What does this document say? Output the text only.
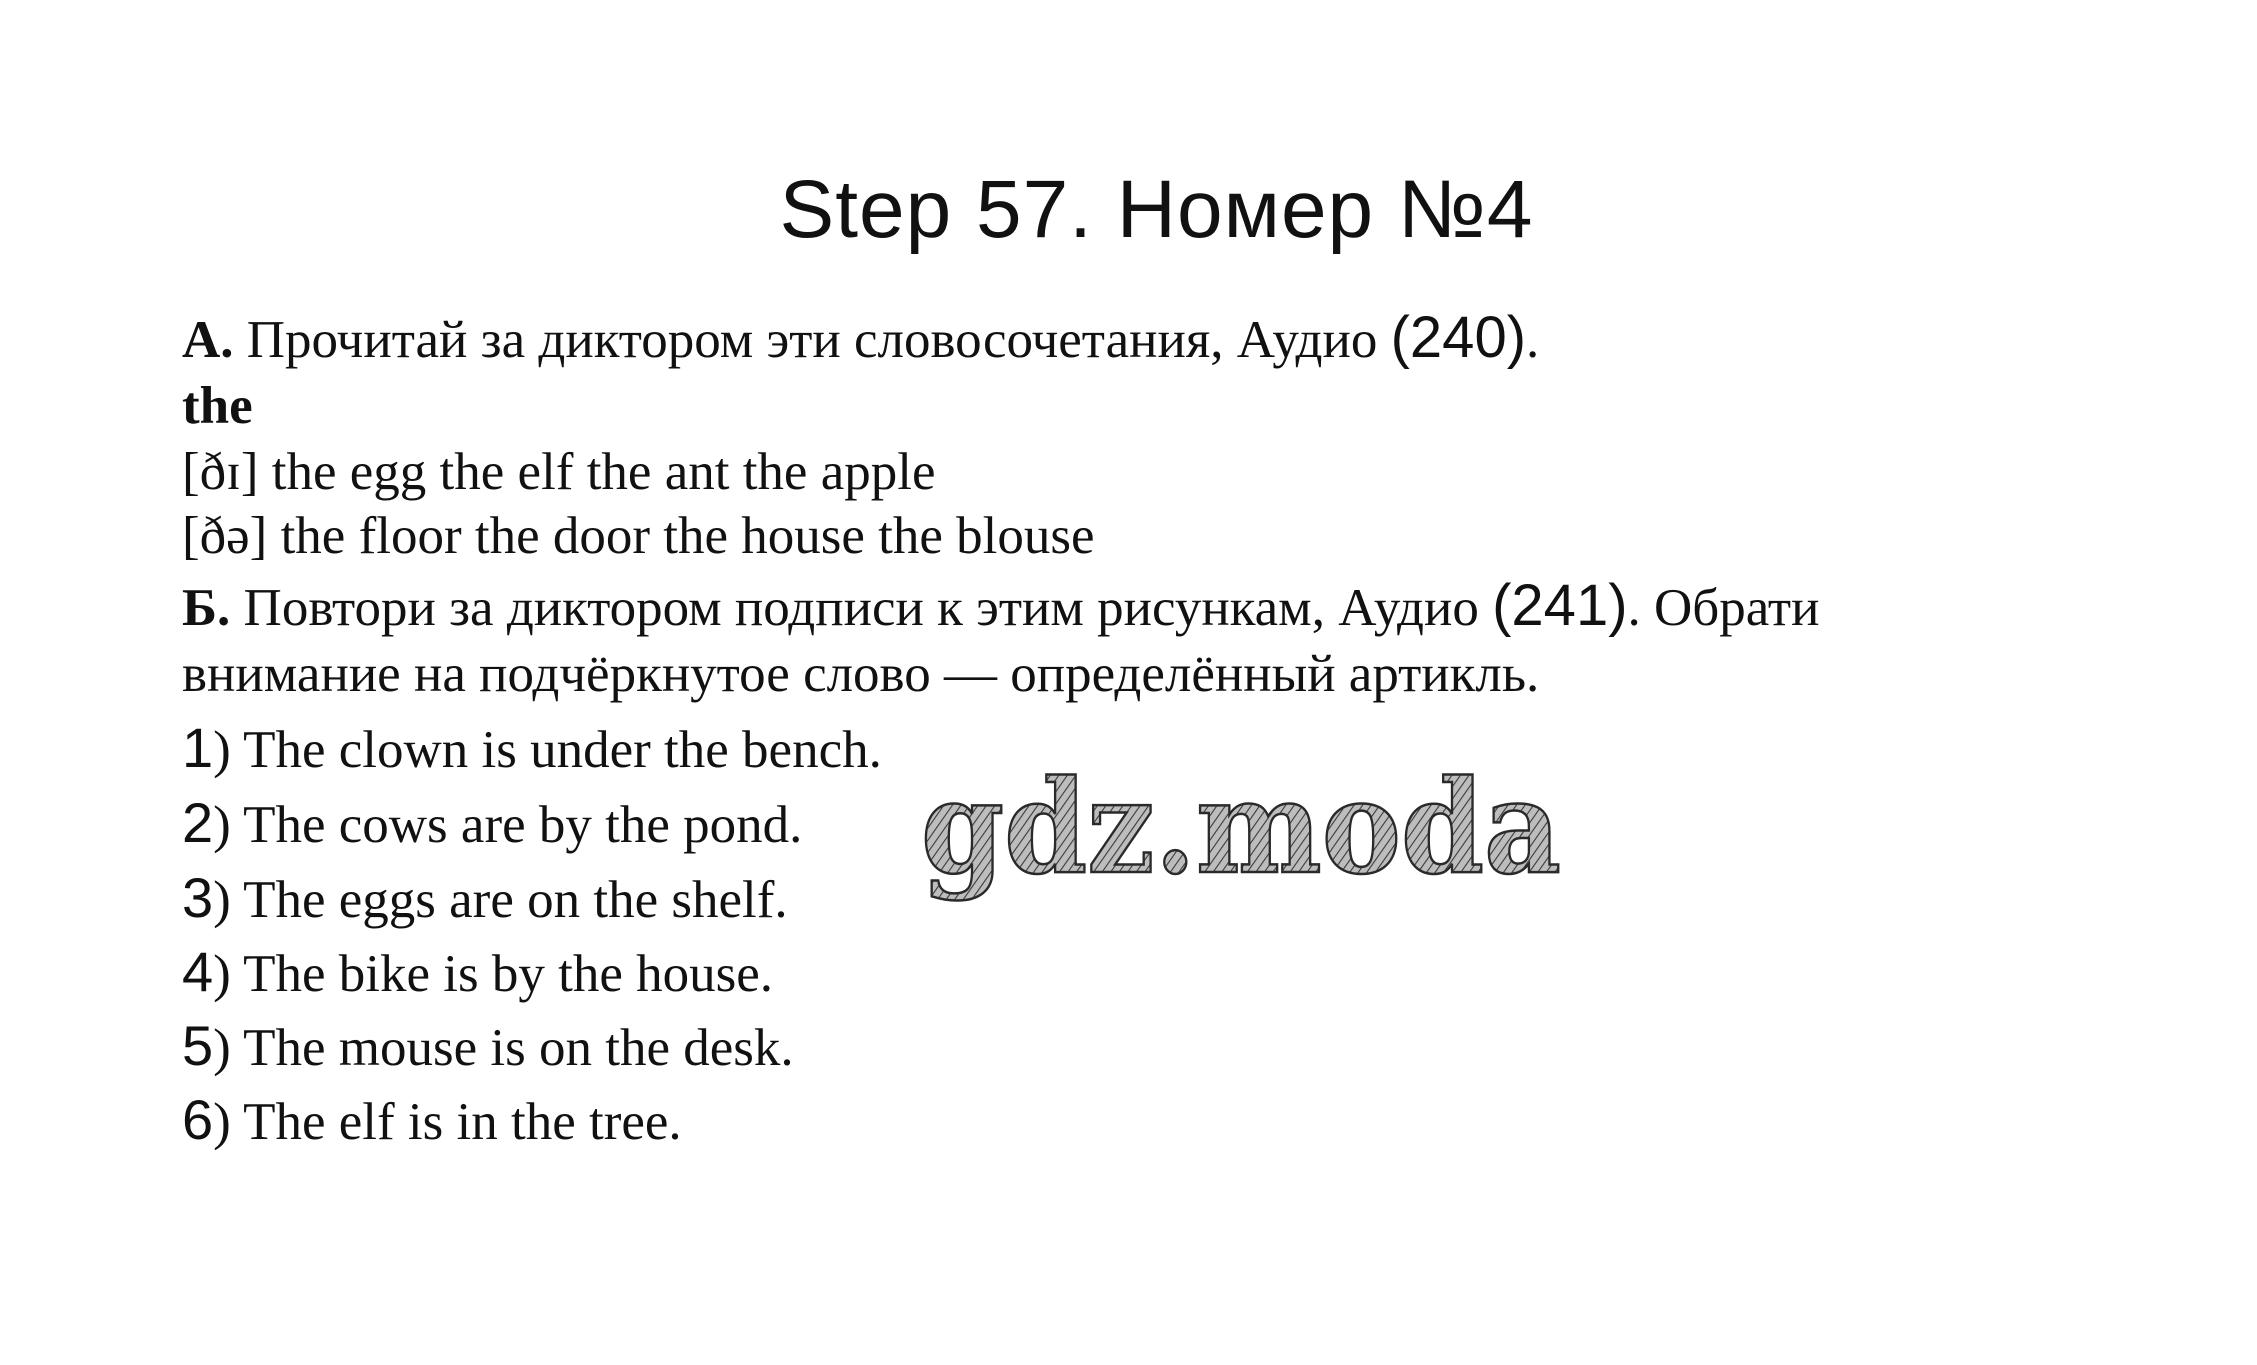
Step 57. Номер №4
А. Прочитай за диктором эти словосочетания, Аудио (240).
the
[ðɪ] the egg the elf the ant the apple
[ðə] the floor the door the house the blouse
Б. Повтори за диктором подписи к этим рисункам, Аудио (241). Обрати
внимание на подчёркнутое слово — определённый артикль.
1) The clown is under the bench.
2) The cows are by the pond.
3) The eggs are on the shelf.
4) The bike is by the house.
5) The mouse is on the desk.
6) The elf is in the tree.
gdz.moda
